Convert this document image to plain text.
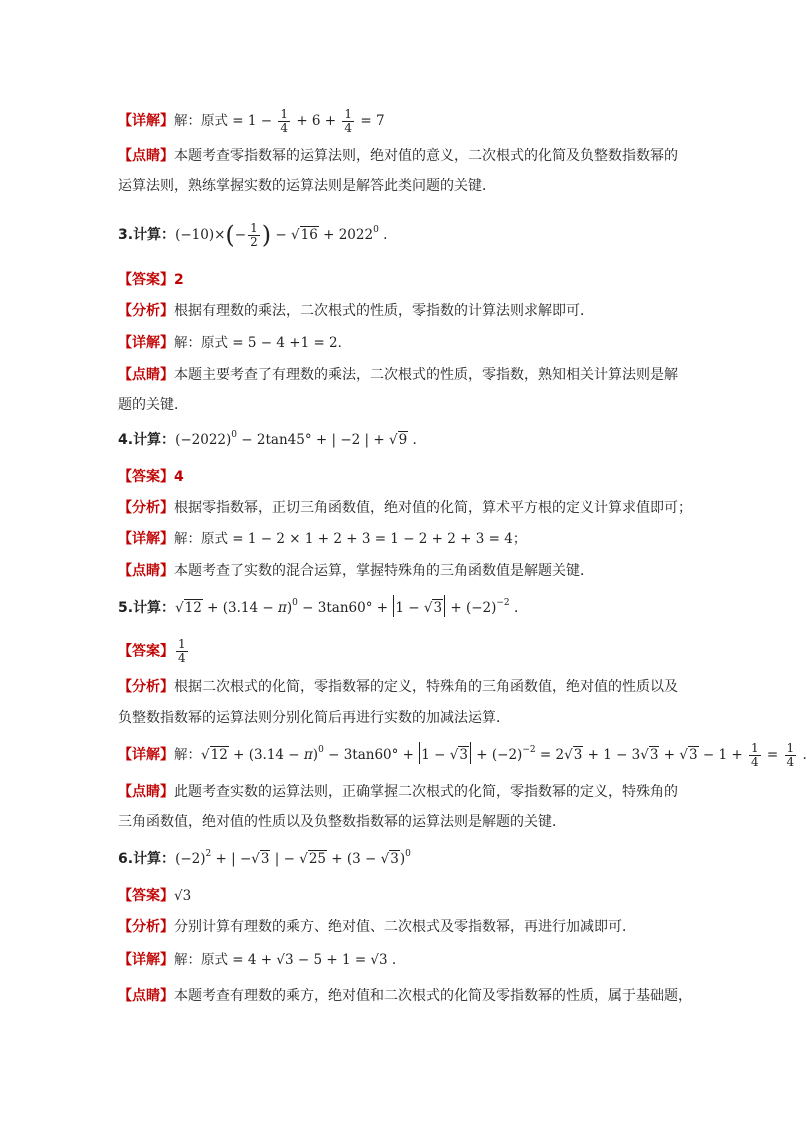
【详解】解：原式 = $1 - \frac{1}{4} + 6 + \frac{1}{4} = 7$
【点睛】本题考查零指数幂的运算法则，绝对值的意义，二次根式的化简及负整数指数幂的
运算法则，熟练掌握实数的运算法则是解答此类问题的关键．
3.计算：$(-10)\times(- \frac{1}{2}$ ) − $√16 + 2022^0$ .
【答案】2
【分析】根据有理数的乘法，二次根式的性质，零指数的计算法则求解即可．
【详解】解：原式 = 5 − 4 +1 = 2．
【点睛】本题主要考查了有理数的乘法，二次根式的性质，零指数，熟知相关计算法则是解
题的关键．
4.计算：$(-2022)^0 - 2\tan 45^\circ$ + | −2 | + √9 .
【答案】4
【分析】根据零指数幂，正切三角函数值，绝对值的化简，算术平方根的定义计算求值即可；
【详解】解：原式 = 1 − 2 × 1 + 2 + 3 = 1 − 2 + 2 + 3 = 4；
【点睛】本题考查了实数的混合运算，掌握特殊角的三角函数值是解题关键．
5.计算：$√12 + (3.14 - \pi)^0 - 3\tan 60^\circ + 1 - √3 + (-2)^{-2}$ .
【答案】 $\frac{1}{4}$
【分析】根据二次根式的化简，零指数幂的定义，特殊角的三角函数值，绝对值的性质以及
负整数指数幂的运算法则分别化简后再进行实数的加减法运算．
【详解】解：$√12 + (3.14 - \pi)^0 - 3\tan 60^\circ + 1 - √3 + (-2)^{-2} = 2√3 + 1 - 3√3 + √3 - 1 + \frac{1}{4} = \frac{1}{4}$ .
【点睛】此题考查实数的运算法则，正确掌握二次根式的化简，零指数幂的定义，特殊角的
三角函数值，绝对值的性质以及负整数指数幂的运算法则是解题的关键．
6.计算：$(-2)^2$ + | −√3 | − $√25 + (3 - √3)^0$
【答案】√3
【分析】分别计算有理数的乘方、绝对值、二次根式及零指数幂，再进行加减即可．
【详解】解：原式 = 4 + √3 − 5 + 1 = √3 .
【点睛】本题考查有理数的乘方，绝对值和二次根式的化简及零指数幂的性质，属于基础题，
